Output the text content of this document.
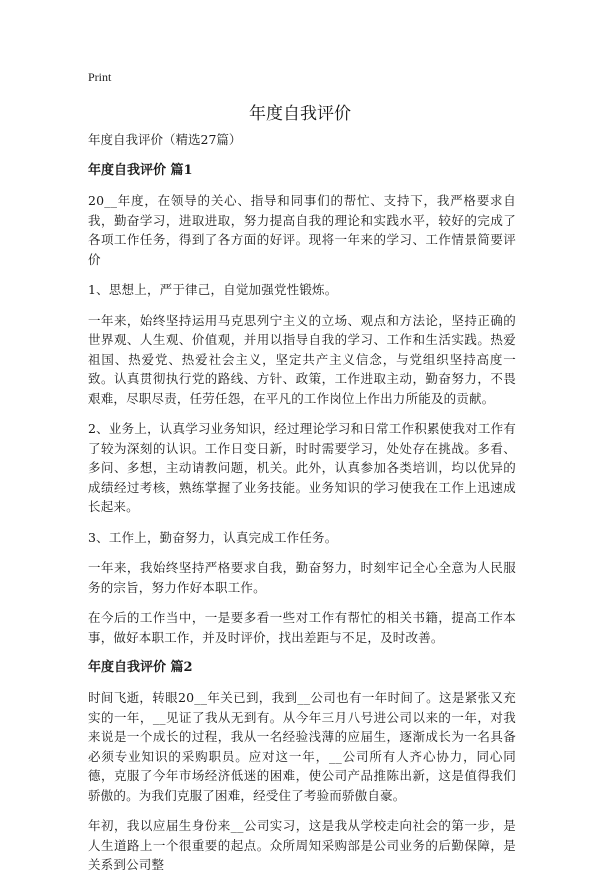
Print
年度自我评价
年度自我评价（精选27篇）
年度自我评价 篇1

20__年度，在领导的关心、指导和同事们的帮忙、支持下，我严格要求自我，勤奋学习，进取进取，努力提高自我的理论和实践水平，较好的完成了各项工作任务，得到了各方面的好评。现将一年来的学习、工作情景简要评价

1、思想上，严于律己，自觉加强党性锻炼。

一年来，始终坚持运用马克思列宁主义的立场、观点和方法论，坚持正确的世界观、人生观、价值观，并用以指导自我的学习、工作和生活实践。热爱祖国、热爱党、热爱社会主义，坚定共产主义信念，与党组织坚持高度一致。认真贯彻执行党的路线、方针、政策，工作进取主动，勤奋努力，不畏艰难，尽职尽责，任劳任怨，在平凡的工作岗位上作出力所能及的贡献。

2、业务上，认真学习业务知识，经过理论学习和日常工作积累使我对工作有了较为深刻的认识。工作日变日新，时时需要学习，处处存在挑战。多看、多问、多想，主动请教问题，机关。此外，认真参加各类培训，均以优异的成绩经过考核，熟练掌握了业务技能。业务知识的学习使我在工作上迅速成长起来。

3、工作上，勤奋努力，认真完成工作任务。

一年来，我始终坚持严格要求自我，勤奋努力，时刻牢记全心全意为人民服务的宗旨，努力作好本职工作。

在今后的工作当中，一是要多看一些对工作有帮忙的相关书籍，提高工作本事，做好本职工作，并及时评价，找出差距与不足，及时改善。

年度自我评价 篇2

时间飞逝，转眼20__年关已到，我到__公司也有一年时间了。这是紧张又充实的一年，__见证了我从无到有。从今年三月八号进公司以来的一年，对我来说是一个成长的过程，我从一名经验浅薄的应届生，逐渐成长为一名具备必须专业知识的采购职员。应对这一年，__公司所有人齐心协力，同心同德，克服了今年市场经济低迷的困难，使公司产品推陈出新，这是值得我们骄傲的。为我们克服了困难，经受住了考验而骄傲自豪。

年初，我以应届生身份来__公司实习，这是我从学校走向社会的第一步，是人生道路上一个很重要的起点。众所周知采购部是公司业务的后勤保障，是关系到公司整
